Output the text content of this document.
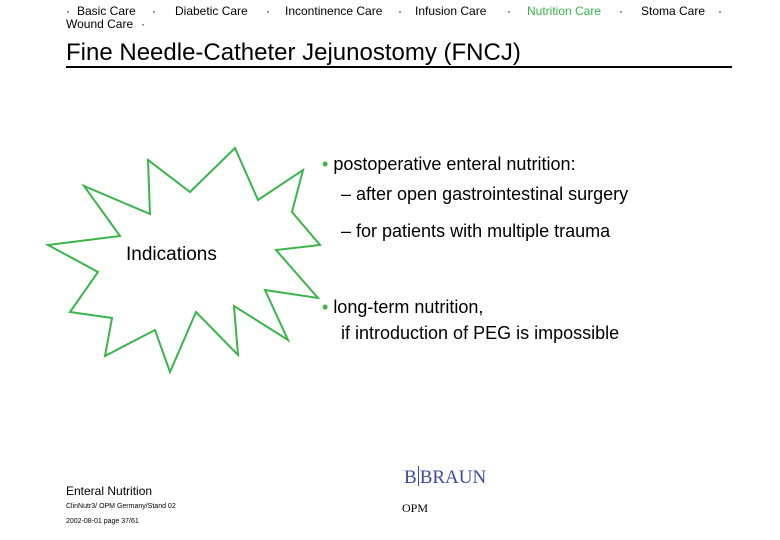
· Basic Care · Diabetic Care · Incontinence Care · Infusion Care · Nutrition Care · Stoma Care ·
Wound Care ·
Fine Needle-Catheter Jejunostomy (FNCJ)
Indications
• postoperative enteral nutrition:
– after open gastrointestinal surgery
– for patients with multiple trauma
• long-term nutrition,
if introduction of PEG is impossible
Enteral Nutrition
ClinNutr3/ OPM Germany/Stand 02
2002-08-01 page 37/61
B BRAUN
OPM
